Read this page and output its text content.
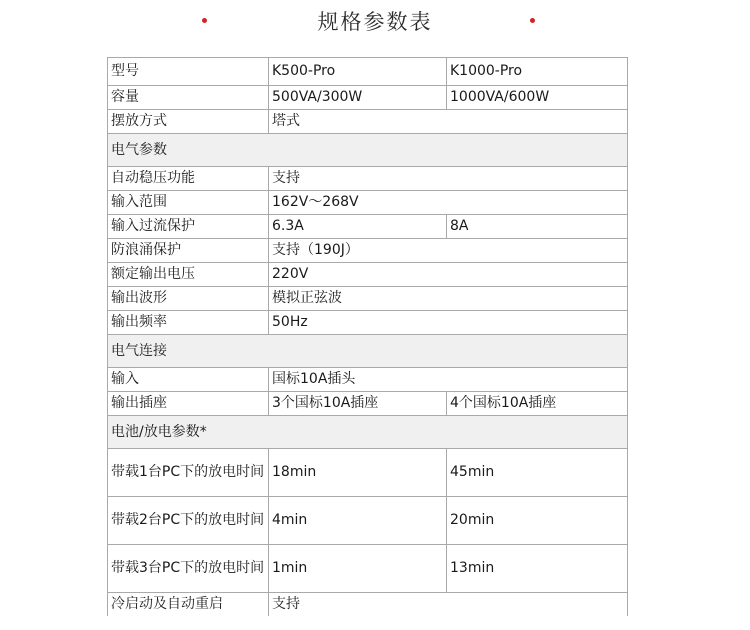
规格参数表
型号	K500-Pro	K1000-Pro
容量	500VA/300W	1000VA/600W
摆放方式	塔式	
电气参数		
自动稳压功能	支持	
输入范围	162V～268V	
输入过流保护	6.3A	8A
防浪涌保护	支持（190J）	
额定输出电压	220V	
输出波形	模拟正弦波	
输出频率	50Hz	
电气连接		
输入	国标10A插头	
输出插座	3个国标10A插座	4个国标10A插座
电池/放电参数*		
带载1台PC下的放电时间	18min	45min
带载2台PC下的放电时间	4min	20min
带载3台PC下的放电时间	1min	13min
冷启动及自动重启	支持	
